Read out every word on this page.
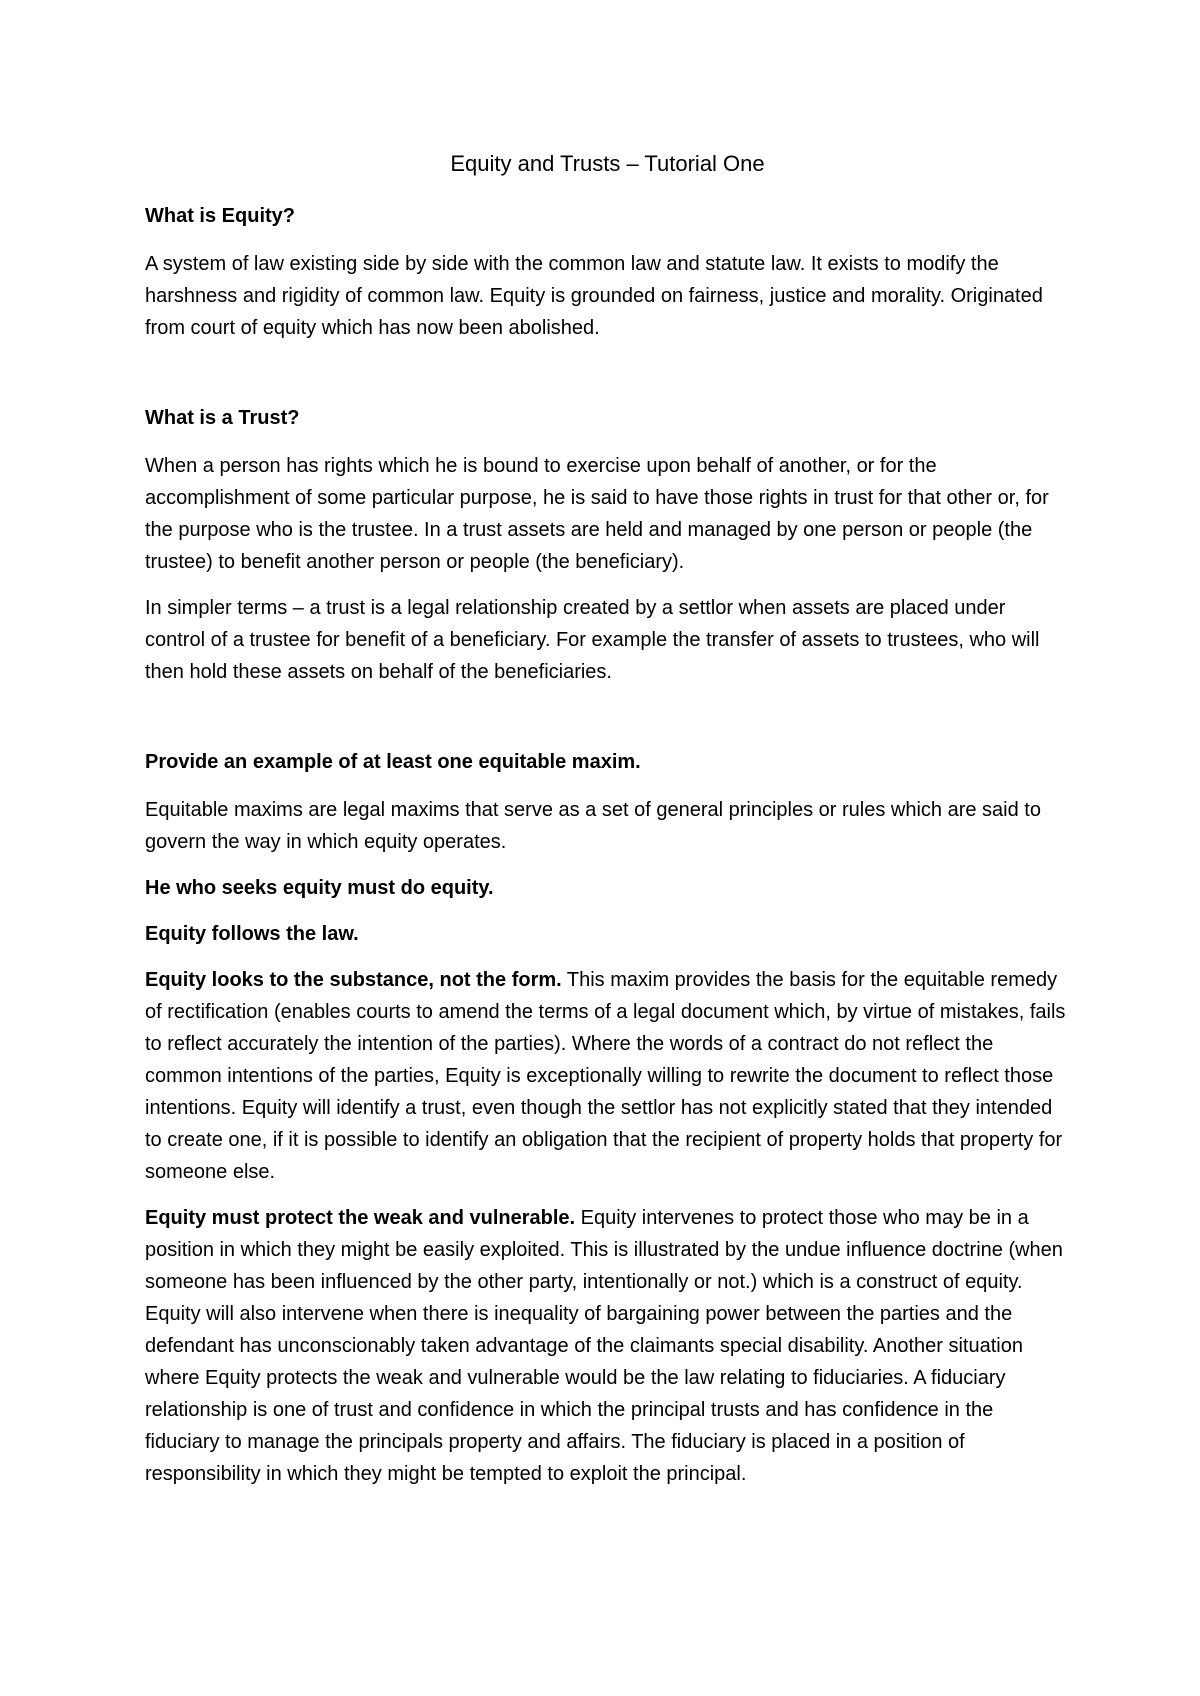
Equity and Trusts – Tutorial One
What is Equity?
A system of law existing side by side with the common law and statute law. It exists to modify the harshness and rigidity of common law. Equity is grounded on fairness, justice and morality. Originated from court of equity which has now been abolished.
What is a Trust?
When a person has rights which he is bound to exercise upon behalf of another, or for the accomplishment of some particular purpose, he is said to have those rights in trust for that other or, for the purpose who is the trustee. In a trust assets are held and managed by one person or people (the trustee) to benefit another person or people (the beneficiary).
In simpler terms – a trust is a legal relationship created by a settlor when assets are placed under control of a trustee for benefit of a beneficiary. For example the transfer of assets to trustees, who will then hold these assets on behalf of the beneficiaries.
Provide an example of at least one equitable maxim.
Equitable maxims are legal maxims that serve as a set of general principles or rules which are said to govern the way in which equity operates.
He who seeks equity must do equity.
Equity follows the law.
Equity looks to the substance, not the form. This maxim provides the basis for the equitable remedy of rectification (enables courts to amend the terms of a legal document which, by virtue of mistakes, fails to reflect accurately the intention of the parties). Where the words of a contract do not reflect the common intentions of the parties, Equity is exceptionally willing to rewrite the document to reflect those intentions. Equity will identify a trust, even though the settlor has not explicitly stated that they intended to create one, if it is possible to identify an obligation that the recipient of property holds that property for someone else.
Equity must protect the weak and vulnerable. Equity intervenes to protect those who may be in a position in which they might be easily exploited. This is illustrated by the undue influence doctrine (when someone has been influenced by the other party, intentionally or not.) which is a construct of equity. Equity will also intervene when there is inequality of bargaining power between the parties and the defendant has unconscionably taken advantage of the claimants special disability. Another situation where Equity protects the weak and vulnerable would be the law relating to fiduciaries. A fiduciary relationship is one of trust and confidence in which the principal trusts and has confidence in the fiduciary to manage the principals property and affairs. The fiduciary is placed in a position of responsibility in which they might be tempted to exploit the principal.
